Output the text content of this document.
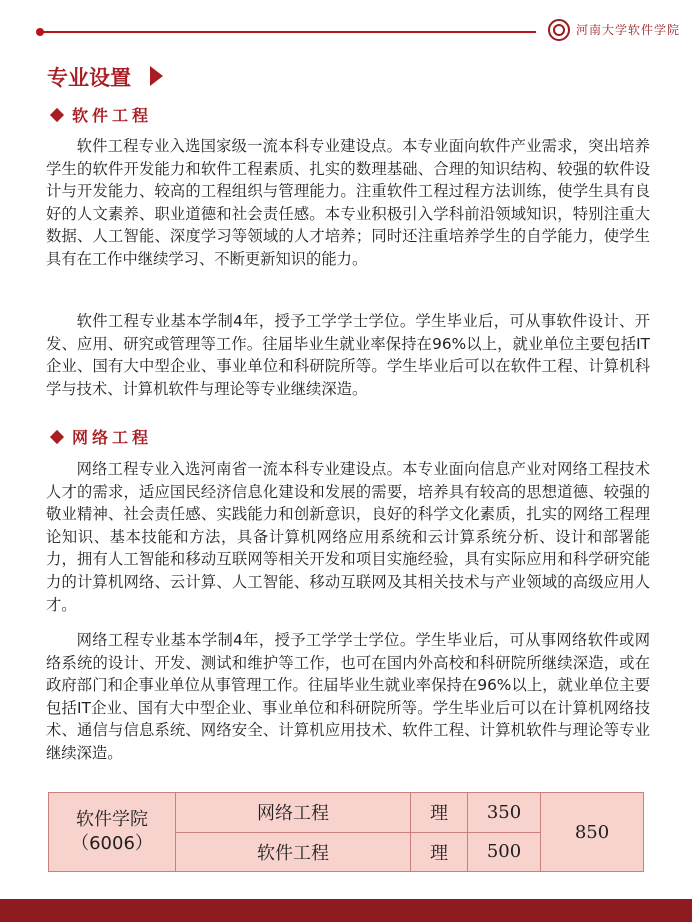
河南大学软件学院
专业设置
软件工程

软件工程专业入选国家级一流本科专业建设点。本专业面向软件产业需求，突出培养学生的软件开发能力和软件工程素质、扎实的数理基础、合理的知识结构、较强的软件设计与开发能力、较高的工程组织与管理能力。注重软件工程过程方法训练，使学生具有良好的人文素养、职业道德和社会责任感。本专业积极引入学科前沿领域知识，特别注重大数据、人工智能、深度学习等领域的人才培养；同时还注重培养学生的自学能力，使学生具有在工作中继续学习、不断更新知识的能力。

软件工程专业基本学制4年，授予工学学士学位。学生毕业后，可从事软件设计、开发、应用、研究或管理等工作。往届毕业生就业率保持在96%以上，就业单位主要包括IT企业、国有大中型企业、事业单位和科研院所等。学生毕业后可以在软件工程、计算机科学与技术、计算机软件与理论等专业继续深造。

网络工程

网络工程专业入选河南省一流本科专业建设点。本专业面向信息产业对网络工程技术人才的需求，适应国民经济信息化建设和发展的需要，培养具有较高的思想道德、较强的敬业精神、社会责任感、实践能力和创新意识，良好的科学文化素质，扎实的网络工程理论知识、基本技能和方法，具备计算机网络应用系统和云计算系统分析、设计和部署能力，拥有人工智能和移动互联网等相关开发和项目实施经验，具有实际应用和科学研究能力的计算机网络、云计算、人工智能、移动互联网及其相关技术与产业领域的高级应用人才。

网络工程专业基本学制4年，授予工学学士学位。学生毕业后，可从事网络软件或网络系统的设计、开发、测试和维护等工作，也可在国内外高校和科研院所继续深造，或在政府部门和企事业单位从事管理工作。往届毕业生就业率保持在96%以上，就业单位主要包括IT企业、国有大中型企业、事业单位和科研院所等。学生毕业后可以在计算机网络技术、通信与信息系统、网络安全、计算机应用技术、软件工程、计算机软件与理论等专业继续深造。

软件学院
（6006）	网络工程	理	350	850
	软件工程	理	500	
